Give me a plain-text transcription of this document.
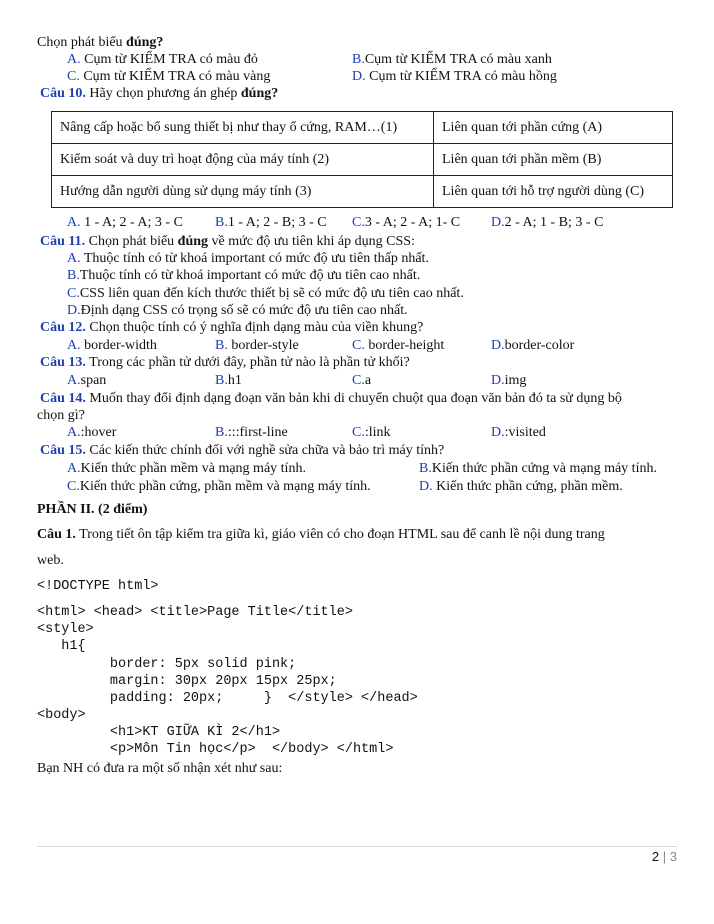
Chọn phát biểu đúng?
A. Cụm từ KIỂM TRA có màu đỏ	B.Cụm từ KIỂM TRA có màu xanh
C. Cụm từ KIỂM TRA có màu vàng	D. Cụm từ KIỂM TRA có màu hồng
Câu 10. Hãy chọn phương án ghép đúng?
Nâng cấp hoặc bổ sung thiết bị như thay ổ cứng, RAM…(1)	Liên quan tới phần cứng (A)
Kiểm soát và duy trì hoạt động của máy tính (2)	Liên quan tới phần mềm (B)
Hướng dẫn người dùng sử dụng máy tính (3)	Liên quan tới hỗ trợ người dùng (C)
A. 1 - A; 2 - A; 3 - C B.1 - A; 2 - B; 3 - C C.3 - A; 2 - A; 1- C D.2 - A; 1 - B; 3 - C
Câu 11. Chọn phát biểu đúng về mức độ ưu tiên khi áp dụng CSS:
A. Thuộc tính có từ khoá important có mức độ ưu tiên thấp nhất.
B.Thuộc tính có từ khoá important có mức độ ưu tiên cao nhất.
C.CSS liên quan đến kích thước thiết bị sẽ có mức độ ưu tiên cao nhất.
D.Định dạng CSS có trọng số sẽ có mức độ ưu tiên cao nhất.
Câu 12. Chọn thuộc tính có ý nghĩa định dạng màu của viền khung?
A. border-width	B. border-style	C. border-height	D.border-color
Câu 13. Trong các phần tử dưới đây, phần tử nào là phần tử khối?
A.span	B.h1	C.a	D.img
Câu 14. Muốn thay đổi định dạng đoạn văn bản khi di chuyển chuột qua đoạn văn bản đó ta sử dụng bộ
chọn gì?
A.:hover	B.:::first-line	C.:link	D.:visited
Câu 15. Các kiến thức chính đối với nghề sửa chữa và bảo trì máy tính?
A.Kiến thức phần mềm và mạng máy tính.	B.Kiến thức phần cứng và mạng máy tính.
C.Kiến thức phần cứng, phần mềm và mạng máy tính.	D. Kiến thức phần cứng, phần mềm.
PHẦN II. (2 điểm)
Câu 1. Trong tiết ôn tập kiểm tra giữa kì, giáo viên có cho đoạn HTML sau để canh lề nội dung trang
web.
<!DOCTYPE html>
<html> <head> <title>Page Title</title>
<style>
h1{
border: 5px solid pink;
margin: 30px 20px 15px 25px;
padding: 20px;     }  </style> </head>
<body>
<h1>KT GIỮA KÌ 2</h1>
<p>Môn Tin học</p>  </body> </html>
Bạn NH có đưa ra một số nhận xét như sau:
2 | 3
